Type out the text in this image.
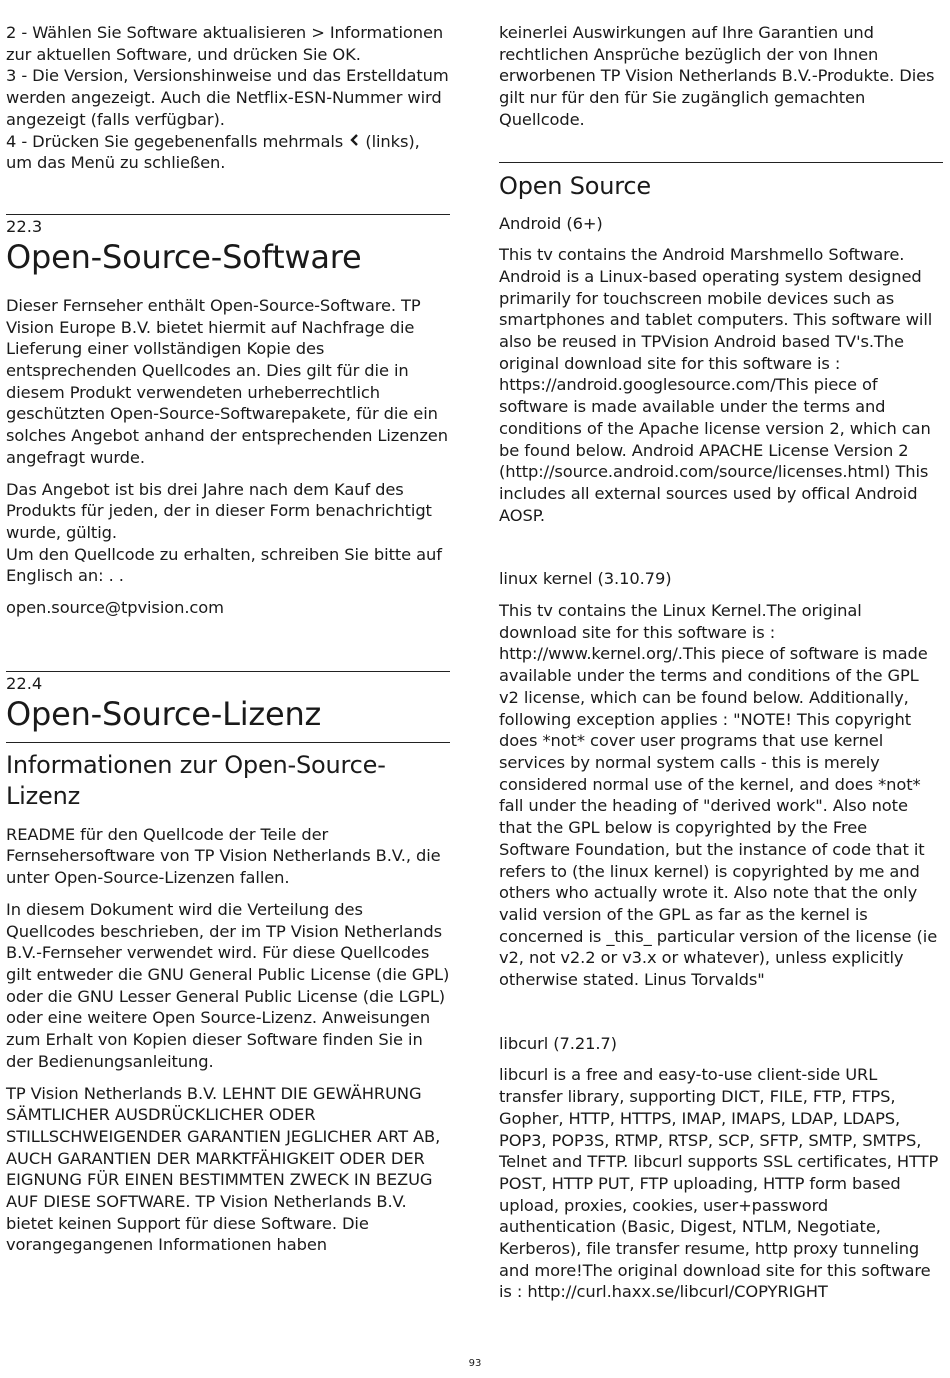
2 - Wählen Sie Software aktualisieren > Informationen zur aktuellen Software, und drücken Sie OK.

3 - Die Version, Versionshinweise und das Erstelldatum werden angezeigt. Auch die Netflix-ESN-Nummer wird angezeigt (falls verfügbar).

4 - Drücken Sie gegebenenfalls mehrmals (links), um das Menü zu schließen.

22.3
Open-Source-Software

Dieser Fernseher enthält Open-Source-Software. TP Vision Europe B.V. bietet hiermit auf Nachfrage die Lieferung einer vollständigen Kopie des entsprechenden Quellcodes an. Dies gilt für die in diesem Produkt verwendeten urheberrechtlich geschützten Open-Source-Softwarepakete, für die ein solches Angebot anhand der entsprechenden Lizenzen angefragt wurde.

Das Angebot ist bis drei Jahre nach dem Kauf des Produkts für jeden, der in dieser Form benachrichtigt wurde, gültig.

Um den Quellcode zu erhalten, schreiben Sie bitte auf Englisch an: . .

open.source@tpvision.com

22.4
Open-Source-Lizenz
Informationen zur Open-Source-Lizenz

README für den Quellcode der Teile der Fernsehersoftware von TP Vision Netherlands B.V., die unter Open-Source-Lizenzen fallen.

In diesem Dokument wird die Verteilung des Quellcodes beschrieben, der im TP Vision Netherlands B.V.-Fernseher verwendet wird. Für diese Quellcodes gilt entweder die GNU General Public License (die GPL) oder die GNU Lesser General Public License (die LGPL) oder eine weitere Open Source-Lizenz. Anweisungen zum Erhalt von Kopien dieser Software finden Sie in der Bedienungsanleitung.

TP Vision Netherlands B.V. LEHNT DIE GEWÄHRUNG SÄMTLICHER AUSDRÜCKLICHER ODER STILLSCHWEIGENDER GARANTIEN JEGLICHER ART AB, AUCH GARANTIEN DER MARKTFÄHIGKEIT ODER DER EIGNUNG FÜR EINEN BESTIMMTEN ZWECK IN BEZUG AUF DIESE SOFTWARE. TP Vision Netherlands B.V. bietet keinen Support für diese Software. Die vorangegangenen Informationen haben

keinerlei Auswirkungen auf Ihre Garantien und rechtlichen Ansprüche bezüglich der von Ihnen erworbenen TP Vision Netherlands B.V.-Produkte. Dies gilt nur für den für Sie zugänglich gemachten Quellcode.

Open Source

Android (6+)

This tv contains the Android Marshmello Software. Android is a Linux-based operating system designed primarily for touchscreen mobile devices such as smartphones and tablet computers. This software will also be reused in TPVision Android based TV's.The original download site for this software is : https://android.googlesource.com/This piece of software is made available under the terms and conditions of the Apache license version 2, which can be found below. Android APACHE License Version 2 (http://source.android.com/source/licenses.html) This includes all external sources used by offical Android AOSP.

linux kernel (3.10.79)

This tv contains the Linux Kernel.The original download site for this software is : http://www.kernel.org/.This piece of software is made available under the terms and conditions of the GPL v2 license, which can be found below. Additionally, following exception applies : "NOTE! This copyright does *not* cover user programs that use kernel services by normal system calls - this is merely considered normal use of the kernel, and does *not* fall under the heading of "derived work". Also note that the GPL below is copyrighted by the Free Software Foundation, but the instance of code that it refers to (the linux kernel) is copyrighted by me and others who actually wrote it. Also note that the only valid version of the GPL as far as the kernel is concerned is _this_ particular version of the license (ie v2, not v2.2 or v3.x or whatever), unless explicitly otherwise stated. Linus Torvalds"

libcurl (7.21.7)

libcurl is a free and easy-to-use client-side URL transfer library, supporting DICT, FILE, FTP, FTPS, Gopher, HTTP, HTTPS, IMAP, IMAPS, LDAP, LDAPS, POP3, POP3S, RTMP, RTSP, SCP, SFTP, SMTP, SMTPS, Telnet and TFTP. libcurl supports SSL certificates, HTTP POST, HTTP PUT, FTP uploading, HTTP form based upload, proxies, cookies, user+password authentication (Basic, Digest, NTLM, Negotiate, Kerberos), file transfer resume, http proxy tunneling and more!The original download site for this software is : http://curl.haxx.se/libcurl/COPYRIGHT

93
